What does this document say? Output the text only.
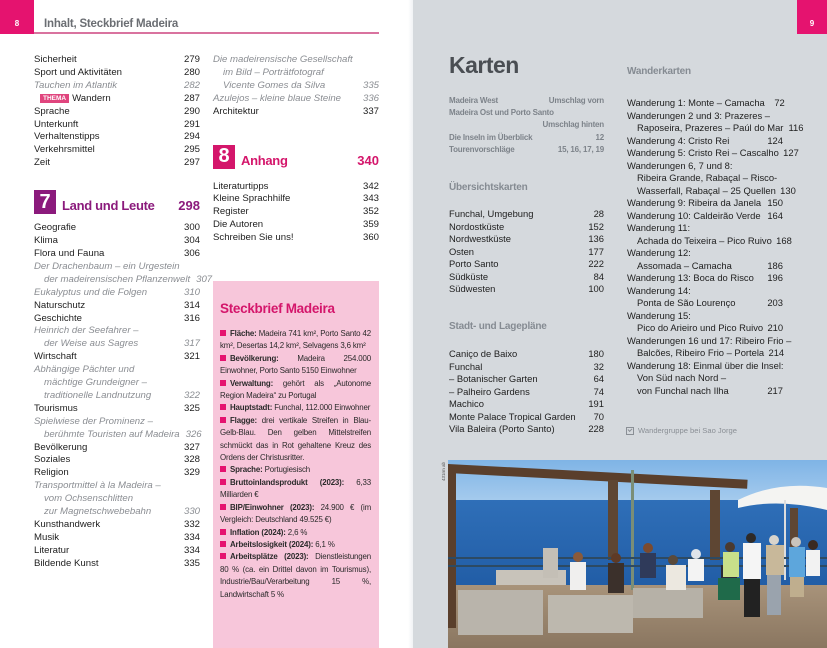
8 Inhalt, Steckbrief Madeira
Sicherheit	279
Sport und Aktivitäten	280
Tauchen im Atlantik	282
THEMA Wandern	287
Sprache	290
Unterkunft	291
Verhaltenstipps	294
Verkehrsmittel	295
Zeit	297
7 Land und Leute	298
Geografie	300
Klima	304
Flora und Fauna	306
Der Drachenbaum – ein Urgestein
der madeirensischen Pflanzenwelt 307
Eukalyptus und die Folgen	310
Naturschutz	314
Geschichte	316
Heinrich der Seefahrer –
der Weise aus Sagres	317
Wirtschaft	321
Abhängige Pächter und
mächtige Grundeigner –
traditionelle Landnutzung	322
Tourismus	325
Spielwiese der Prominenz –
berühmte Touristen auf Madeira 326
Bevölkerung	327
Soziales	328
Religion	329
Transportmittel à la Madeira –
vom Ochsenschlitten
zur Magnetschwebebahn	330
Kunsthandwerk	332
Musik	334
Literatur	334
Bildende Kunst	335
Die madeirensische Gesellschaft
im Bild – Porträtfotograf
Vicente Gomes da Silva	335
Azulejos – kleine blaue Steine	336
Architektur	337
8 Anhang	340
Literaturtipps	342
Kleine Sprachhilfe	343
Register	352
Die Autoren	359
Schreiben Sie uns!	360
Steckbrief Madeira
Fläche: Madeira 741 km², Porto Santo 42 km², Desertas 14,2 km², Selvagens 3,6 km²
Bevölkerung: Madeira 254.000 Einwohner, Porto Santo 5150 Einwohner
Verwaltung: gehört als „Autonome Region Madeira“ zu Portugal
Hauptstadt: Funchal, 112.000 Einwohner
Flagge: drei vertikale Streifen in Blau-Gelb-Blau. Den gelben Mittelstreifen schmückt das in Rot gehaltene Kreuz des Ordens der Christusritter.
Sprache: Portugiesisch
Bruttoinlandsprodukt (2023): 6,33 Milliarden €
BIP/Einwohner (2023): 24.900 € (im Vergleich: Deutschland 49.525 €)
Inflation (2024): 2,6 %
Arbeitslosigkeit (2024): 6,1 %
Arbeitsplätze (2023): Dienstleistungen 80 % (ca. ein Drittel davon im Tourismus), Industrie/Bau/Verarbeitung 15 %, Landwirtschaft 5 %
9
Karten
Madeira West	Umschlag vorn
Madeira Ost und Porto Santo
Umschlag hinten
Die Inseln im Überblick	12
Tourenvorschläge	15, 16, 17, 19
Übersichtskarten
Funchal, Umgebung	28
Nordostküste	152
Nordwestküste	136
Osten	177
Porto Santo	222
Südküste	84
Südwesten	100
Stadt- und Lagepläne
Caniço de Baixo	180
Funchal	32
– Botanischer Garten	64
– Palheiro Gardens	74
Machico	191
Monte Palace Tropical Garden	70
Vila Baleira (Porto Santo)	228
Wanderkarten
Wanderung 1: Monte – Camacha	72
Wanderungen 2 und 3: Prazeres –
Raposeira, Prazeres – Paúl do Mar 116
Wanderung 4: Cristo Rei	124
Wanderung 5: Cristo Rei – Cascalho 127
Wanderungen 6, 7 und 8:
Ribeira Grande, Rabaçal – Risco-
Wasserfall, Rabaçal – 25 Quellen 130
Wanderung 9: Ribeira da Janela 150
Wanderung 10: Caldeirão Verde 164
Wanderung 11:
Achada do Teixeira – Pico Ruivo 168
Wanderung 12:
Assomada – Camacha	186
Wanderung 13: Boca do Risco	196
Wanderung 14:
Ponta de São Lourenço	203
Wanderung 15:
Pico do Arieiro und Pico Ruivo 210
Wanderungen 16 und 17: Ribeiro Frio –
Balcões, Ribeiro Frio – Portela 214
Wanderung 18: Einmal über die Insel:
Von Süd nach Nord –
von Funchal nach Ilha	217
Wandergruppe bei Sao Jorge
431rm ab
